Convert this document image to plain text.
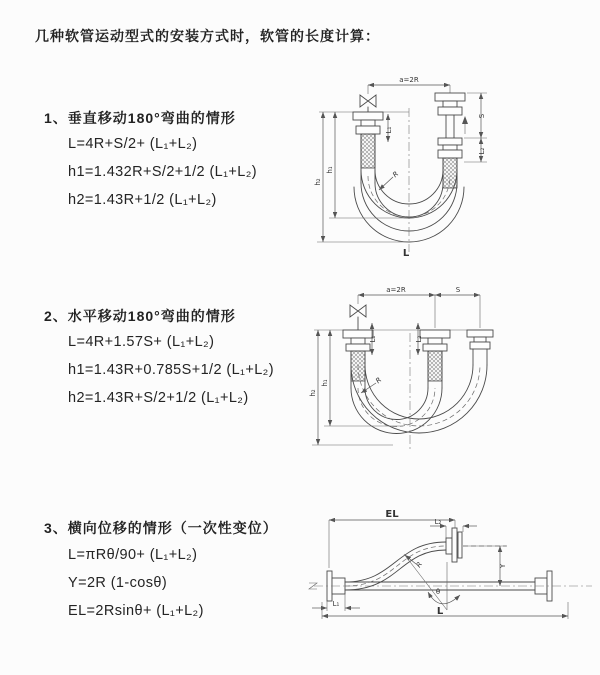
几种软管运动型式的安装方式时，软管的长度计算：
1、垂直移动180°弯曲的情形
L=4R+S/2+ (L₁+L₂)
h1=1.432R+S/2+1/2 (L₁+L₂)
h2=1.43R+1/2 (L₁+L₂)
2、水平移动180°弯曲的情形
L=4R+1.57S+ (L₁+L₂)
h1=1.43R+0.785S+1/2 (L₁+L₂)
h2=1.43R+S/2+1/2 (L₁+L₂)
3、横向位移的情形（一次性变位）
L=πRθ/90+ (L₁+L₂)
Y=2R (1-cosθ)
EL=2Rsinθ+ (L₁+L₂)
a=2R
L₁
S
L₂
h₁
h₂
R
L
a=2R	S
L₁	L₂
h₁
h₂
R
EL
L₂
R
θ
Y
L₁
L
